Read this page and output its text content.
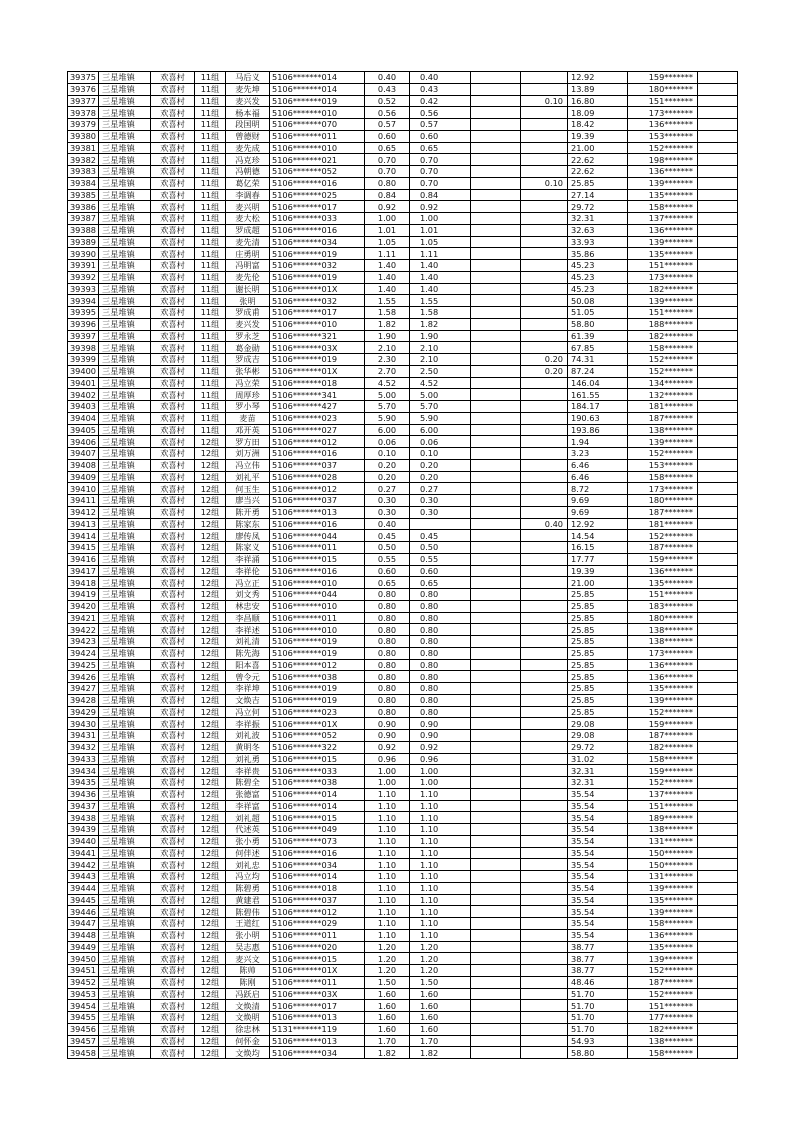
39375	三星堆镇	欢喜村	11组	马后义	5106*******014	0.40	0.40			12.92	159*******	
39376	三星堆镇	欢喜村	11组	麦先坤	5106*******014	0.43	0.43			13.89	180*******	
39377	三星堆镇	欢喜村	11组	麦兴发	5106*******019	0.52	0.42		0.10	16.80	151*******	
39378	三星堆镇	欢喜村	11组	杨本福	5106*******010	0.56	0.56			18.09	173*******	
39379	三星堆镇	欢喜村	11组	段国明	5106*******070	0.57	0.57			18.42	136*******	
39380	三星堆镇	欢喜村	11组	曾德财	5106*******011	0.60	0.60			19.39	153*******	
39381	三星堆镇	欢喜村	11组	麦先成	5106*******010	0.65	0.65			21.00	152*******	
39382	三星堆镇	欢喜村	11组	冯克珍	5106*******021	0.70	0.70			22.62	198*******	
39383	三星堆镇	欢喜村	11组	冯朝德	5106*******052	0.70	0.70			22.62	136*******	
39384	三星堆镇	欢喜村	11组	葛亿荣	5106*******016	0.80	0.70		0.10	25.85	139*******	
39385	三星堆镇	欢喜村	11组	李调春	5106*******025	0.84	0.84			27.14	135*******	
39386	三星堆镇	欢喜村	11组	麦兴明	5106*******017	0.92	0.92			29.72	158*******	
39387	三星堆镇	欢喜村	11组	麦大松	5106*******033	1.00	1.00			32.31	137*******	
39388	三星堆镇	欢喜村	11组	罗成超	5106*******016	1.01	1.01			32.63	136*******	
39389	三星堆镇	欢喜村	11组	麦先清	5106*******034	1.05	1.05			33.93	139*******	
39390	三星堆镇	欢喜村	11组	庄勇明	5106*******019	1.11	1.11			35.86	135*******	
39391	三星堆镇	欢喜村	11组	冯明富	5106*******032	1.40	1.40			45.23	151*******	
39392	三星堆镇	欢喜村	11组	麦先伦	5106*******019	1.40	1.40			45.23	173*******	
39393	三星堆镇	欢喜村	11组	谢长明	5106*******01X	1.40	1.40			45.23	182*******	
39394	三星堆镇	欢喜村	11组	张明	5106*******032	1.55	1.55			50.08	139*******	
39395	三星堆镇	欢喜村	11组	罗成甫	5106*******017	1.58	1.58			51.05	151*******	
39396	三星堆镇	欢喜村	11组	麦兴发	5106*******010	1.82	1.82			58.80	188*******	
39397	三星堆镇	欢喜村	11组	罗永芝	5106*******321	1.90	1.90			61.39	182*******	
39398	三星堆镇	欢喜村	11组	葛金勋	5106*******03X	2.10	2.10			67.85	158*******	
39399	三星堆镇	欢喜村	11组	罗成吉	5106*******019	2.30	2.10		0.20	74.31	152*******	
39400	三星堆镇	欢喜村	11组	张华彬	5106*******01X	2.70	2.50		0.20	87.24	152*******	
39401	三星堆镇	欢喜村	11组	冯立荣	5106*******018	4.52	4.52			146.04	134*******	
39402	三星堆镇	欢喜村	11组	周厚珍	5106*******341	5.00	5.00			161.55	132*******	
39403	三星堆镇	欢喜村	11组	罗小琴	5106*******427	5.70	5.70			184.17	181*******	
39404	三星堆镇	欢喜村	11组	麦苗	5106*******023	5.90	5.90			190.63	187*******	
39405	三星堆镇	欢喜村	11组	邓开英	5106*******027	6.00	6.00			193.86	138*******	
39406	三星堆镇	欢喜村	12组	罗方田	5106*******012	0.06	0.06			1.94	139*******	
39407	三星堆镇	欢喜村	12组	刘万洲	5106*******016	0.10	0.10			3.23	152*******	
39408	三星堆镇	欢喜村	12组	冯立伟	5106*******037	0.20	0.20			6.46	153*******	
39409	三星堆镇	欢喜村	12组	刘礼平	5106*******028	0.20	0.20			6.46	158*******	
39410	三星堆镇	欢喜村	12组	何玉生	5106*******012	0.27	0.27			8.72	173*******	
39411	三星堆镇	欢喜村	12组	廖当兴	5106*******037	0.30	0.30			9.69	180*******	
39412	三星堆镇	欢喜村	12组	陈开勇	5106*******013	0.30	0.30			9.69	187*******	
39413	三星堆镇	欢喜村	12组	陈家东	5106*******016	0.40			0.40	12.92	181*******	
39414	三星堆镇	欢喜村	12组	廖传凤	5106*******044	0.45	0.45			14.54	152*******	
39415	三星堆镇	欢喜村	12组	陈家义	5106*******011	0.50	0.50			16.15	187*******	
39416	三星堆镇	欢喜村	12组	李祥涌	5106*******015	0.55	0.55			17.77	159*******	
39417	三星堆镇	欢喜村	12组	李祥伦	5106*******016	0.60	0.60			19.39	136*******	
39418	三星堆镇	欢喜村	12组	冯立正	5106*******010	0.65	0.65			21.00	135*******	
39419	三星堆镇	欢喜村	12组	刘文秀	5106*******044	0.80	0.80			25.85	151*******	
39420	三星堆镇	欢喜村	12组	林忠安	5106*******010	0.80	0.80			25.85	183*******	
39421	三星堆镇	欢喜村	12组	李昌顺	5106*******011	0.80	0.80			25.85	180*******	
39422	三星堆镇	欢喜村	12组	李祥述	5106*******010	0.80	0.80			25.85	138*******	
39423	三星堆镇	欢喜村	12组	刘礼清	5106*******019	0.80	0.80			25.85	138*******	
39424	三星堆镇	欢喜村	12组	陈先海	5106*******019	0.80	0.80			25.85	173*******	
39425	三星堆镇	欢喜村	12组	阳本喜	5106*******012	0.80	0.80			25.85	136*******	
39426	三星堆镇	欢喜村	12组	曾令元	5106*******038	0.80	0.80			25.85	136*******	
39427	三星堆镇	欢喜村	12组	李祥坤	5106*******019	0.80	0.80			25.85	135*******	
39428	三星堆镇	欢喜村	12组	文焕吉	5106*******019	0.80	0.80			25.85	139*******	
39429	三星堆镇	欢喜村	12组	冯立何	5106*******023	0.80	0.80			25.85	152*******	
39430	三星堆镇	欢喜村	12组	李祥振	5106*******01X	0.90	0.90			29.08	159*******	
39431	三星堆镇	欢喜村	12组	刘礼波	5106*******052	0.90	0.90			29.08	187*******	
39432	三星堆镇	欢喜村	12组	黄明冬	5106*******322	0.92	0.92			29.72	182*******	
39433	三星堆镇	欢喜村	12组	刘礼勇	5106*******015	0.96	0.96			31.02	158*******	
39434	三星堆镇	欢喜村	12组	李祥贵	5106*******033	1.00	1.00			32.31	159*******	
39435	三星堆镇	欢喜村	12组	陈碧全	5106*******038	1.00	1.00			32.31	152*******	
39436	三星堆镇	欢喜村	12组	张德富	5106*******014	1.10	1.10			35.54	137*******	
39437	三星堆镇	欢喜村	12组	李祥富	5106*******014	1.10	1.10			35.54	151*******	
39438	三星堆镇	欢喜村	12组	刘礼超	5106*******015	1.10	1.10			35.54	189*******	
39439	三星堆镇	欢喜村	12组	代述英	5106*******049	1.10	1.10			35.54	138*******	
39440	三星堆镇	欢喜村	12组	张小勇	5106*******073	1.10	1.10			35.54	131*******	
39441	三星堆镇	欢喜村	12组	何伴述	5106*******016	1.10	1.10			35.54	150*******	
39442	三星堆镇	欢喜村	12组	刘礼忠	5106*******034	1.10	1.10			35.54	150*******	
39443	三星堆镇	欢喜村	12组	冯立均	5106*******014	1.10	1.10			35.54	131*******	
39444	三星堆镇	欢喜村	12组	陈碧勇	5106*******018	1.10	1.10			35.54	139*******	
39445	三星堆镇	欢喜村	12组	黄建君	5106*******037	1.10	1.10			35.54	135*******	
39446	三星堆镇	欢喜村	12组	陈碧伟	5106*******012	1.10	1.10			35.54	139*******	
39447	三星堆镇	欢喜村	12组	王道红	5106*******029	1.10	1.10			35.54	158*******	
39448	三星堆镇	欢喜村	12组	张小明	5106*******011	1.10	1.10			35.54	136*******	
39449	三星堆镇	欢喜村	12组	吴志惠	5106*******020	1.20	1.20			38.77	135*******	
39450	三星堆镇	欢喜村	12组	麦兴文	5106*******015	1.20	1.20			38.77	139*******	
39451	三星堆镇	欢喜村	12组	陈帅	5106*******01X	1.20	1.20			38.77	152*******	
39452	三星堆镇	欢喜村	12组	陈刚	5106*******011	1.50	1.50			48.46	187*******	
39453	三星堆镇	欢喜村	12组	冯跃启	5106*******03X	1.60	1.60			51.70	152*******	
39454	三星堆镇	欢喜村	12组	文焕清	5106*******017	1.60	1.60			51.70	151*******	
39455	三星堆镇	欢喜村	12组	文焕明	5106*******013	1.60	1.60			51.70	177*******	
39456	三星堆镇	欢喜村	12组	徐忠林	5131*******119	1.60	1.60			51.70	182*******	
39457	三星堆镇	欢喜村	12组	何怀金	5106*******013	1.70	1.70			54.93	138*******	
39458	三星堆镇	欢喜村	12组	文焕均	5106*******034	1.82	1.82			58.80	158*******	
